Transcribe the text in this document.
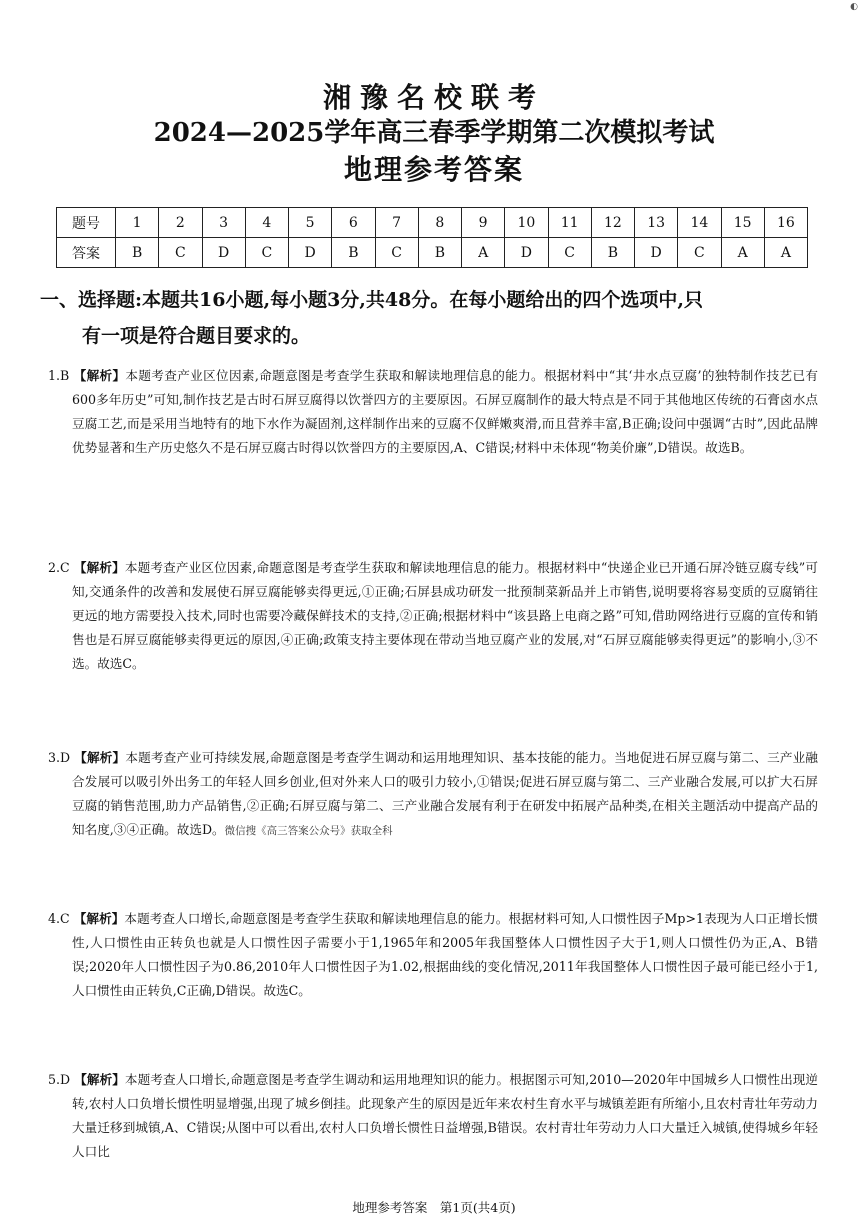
◐
湘豫名校联考
2024—2025学年高三春季学期第二次模拟考试
地理参考答案
题号	1	2	3	4	5	6	7	8	9	10	11	12	13	14	15	16
答案	B	C	D	C	D	B	C	B	A	D	C	B	D	C	A	A
一、选择题:本题共16小题,每小题3分,共48分。在每小题给出的四个选项中,只
有一项是符合题目要求的。
1.B 【解析】本题考查产业区位因素,命题意图是考查学生获取和解读地理信息的能力。根据材料中“其‘井水点豆腐’的独特制作技艺已有600多年历史”可知,制作技艺是古时石屏豆腐得以饮誉四方的主要原因。石屏豆腐制作的最大特点是不同于其他地区传统的石膏卤水点豆腐工艺,而是采用当地特有的地下水作为凝固剂,这样制作出来的豆腐不仅鲜嫩爽滑,而且营养丰富,B正确;设问中强调“古时”,因此品牌优势显著和生产历史悠久不是石屏豆腐古时得以饮誉四方的主要原因,A、C错误;材料中未体现“物美价廉”,D错误。故选B。
2.C 【解析】本题考查产业区位因素,命题意图是考查学生获取和解读地理信息的能力。根据材料中“快递企业已开通石屏冷链豆腐专线”可知,交通条件的改善和发展使石屏豆腐能够卖得更远,①正确;石屏县成功研发一批预制菜新品并上市销售,说明要将容易变质的豆腐销往更远的地方需要投入技术,同时也需要冷藏保鲜技术的支持,②正确;根据材料中“该县路上电商之路”可知,借助网络进行豆腐的宣传和销售也是石屏豆腐能够卖得更远的原因,④正确;政策支持主要体现在带动当地豆腐产业的发展,对“石屏豆腐能够卖得更远”的影响小,③不选。故选C。
3.D 【解析】本题考查产业可持续发展,命题意图是考查学生调动和运用地理知识、基本技能的能力。当地促进石屏豆腐与第二、三产业融合发展可以吸引外出务工的年轻人回乡创业,但对外来人口的吸引力较小,①错误;促进石屏豆腐与第二、三产业融合发展,可以扩大石屏豆腐的销售范围,助力产品销售,②正确;石屏豆腐与第二、三产业融合发展有利于在研发中拓展产品种类,在相关主题活动中提高产品的知名度,③④正确。故选D。微信搜《高三答案公众号》获取全科
4.C 【解析】本题考查人口增长,命题意图是考查学生获取和解读地理信息的能力。根据材料可知,人口惯性因子Mp>1表现为人口正增长惯性,人口惯性由正转负也就是人口惯性因子需要小于1,1965年和2005年我国整体人口惯性因子大于1,则人口惯性仍为正,A、B错误;2020年人口惯性因子为0.86,2010年人口惯性因子为1.02,根据曲线的变化情况,2011年我国整体人口惯性因子最可能已经小于1,人口惯性由正转负,C正确,D错误。故选C。
5.D 【解析】本题考查人口增长,命题意图是考查学生调动和运用地理知识的能力。根据图示可知,2010—2020年中国城乡人口惯性出现逆转,农村人口负增长惯性明显增强,出现了城乡倒挂。此现象产生的原因是近年来农村生育水平与城镇差距有所缩小,且农村青壮年劳动力大量迁移到城镇,A、C错误;从图中可以看出,农村人口负增长惯性日益增强,B错误。农村青壮年劳动力人口大量迁入城镇,使得城乡年轻人口比
地理参考答案　第1页(共4页)
